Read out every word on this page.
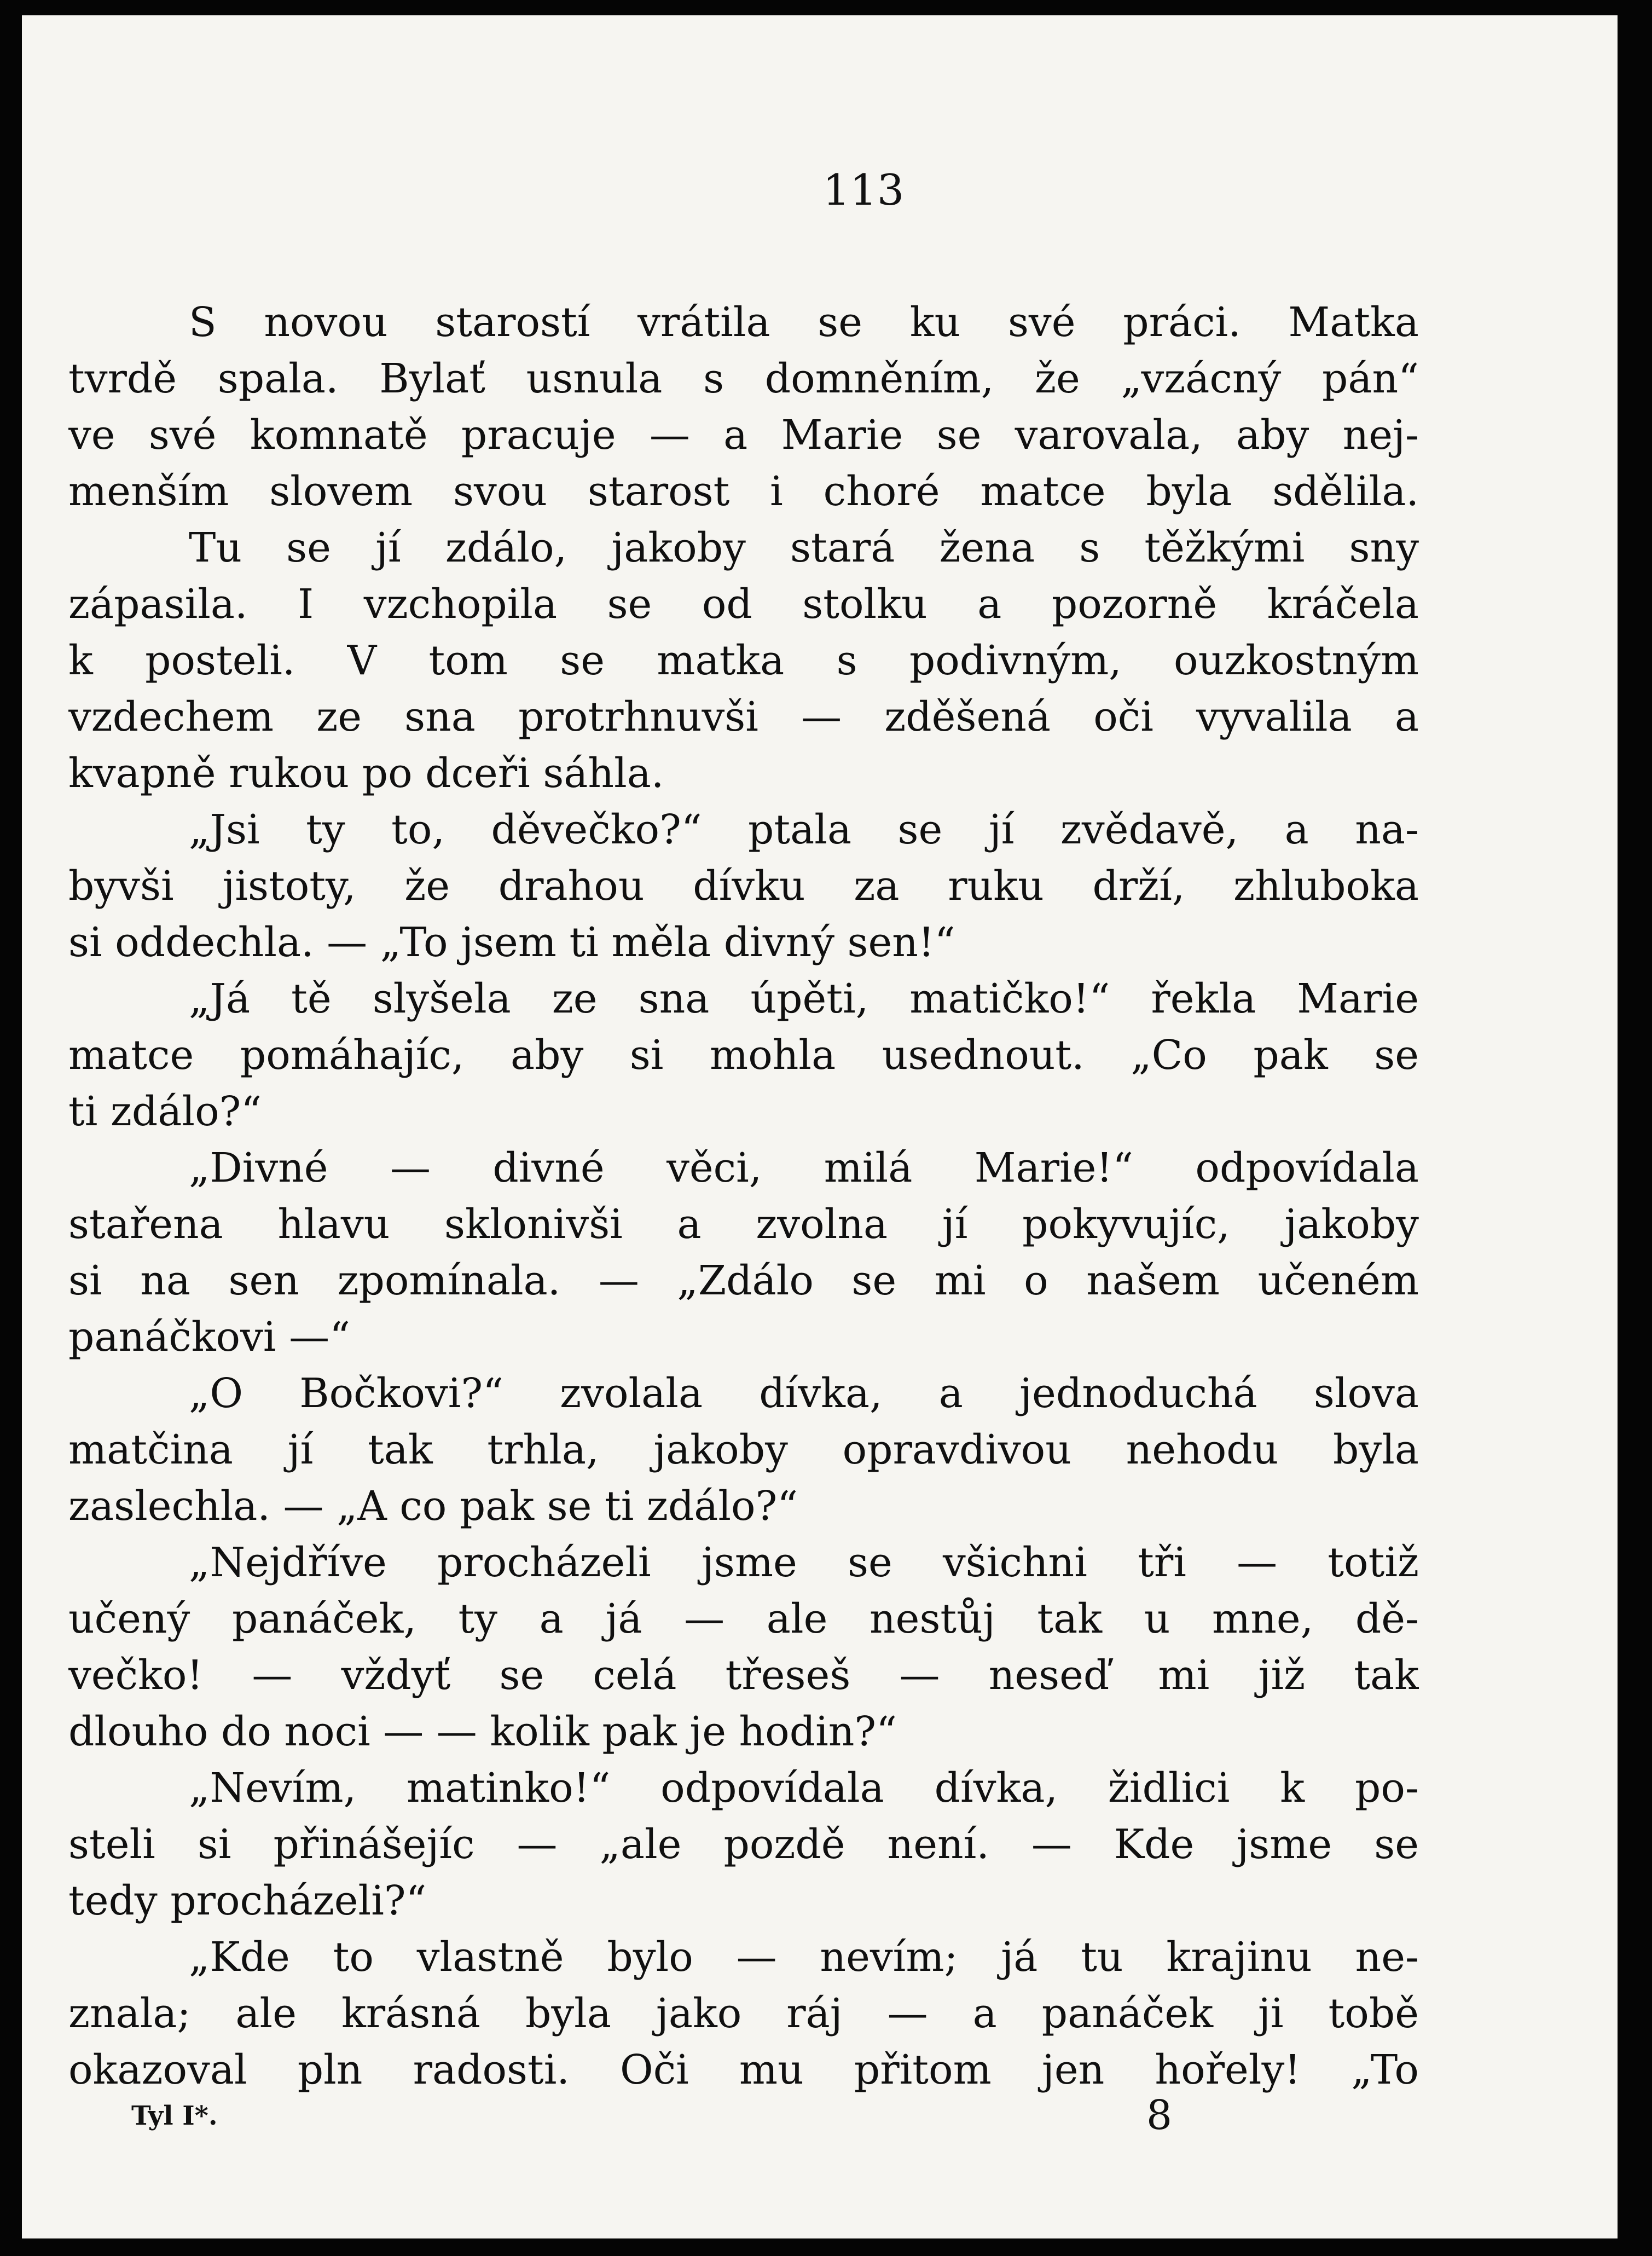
113
S novou starostí vrátila se ku své práci. Matka
tvrdě spala. Bylať usnula s domněním, že „vzácný pán“
ve své komnatě pracuje — a Marie se varovala, aby nej-
menším slovem svou starost i choré matce byla sdělila.
Tu se jí zdálo, jakoby stará žena s těžkými sny
zápasila. I vzchopila se od stolku a pozorně kráčela
k posteli. V tom se matka s podivným, ouzkostným
vzdechem ze sna protrhnuvši — zděšená oči vyvalila a
kvapně rukou po dceři sáhla.
„Jsi ty to, děvečko?“ ptala se jí zvědavě, a na-
byvši jistoty, že drahou dívku za ruku drží, zhluboka
si oddechla. — „To jsem ti měla divný sen!“
„Já tě slyšela ze sna úpěti, matičko!“ řekla Marie
matce pomáhajíc, aby si mohla usednout. „Co pak se
ti zdálo?“
„Divné — divné věci, milá Marie!“ odpovídala
stařena hlavu sklonivši a zvolna jí pokyvujíc, jakoby
si na sen zpomínala. — „Zdálo se mi o našem učeném
panáčkovi —“
„O Bočkovi?“ zvolala dívka, a jednoduchá slova
matčina jí tak trhla, jakoby opravdivou nehodu byla
zaslechla. — „A co pak se ti zdálo?“
„Nejdříve procházeli jsme se všichni tři — totiž
učený panáček, ty a já — ale nestůj tak u mne, dě-
večko! — vždyť se celá třeseš — neseď mi již tak
dlouho do noci — — kolik pak je hodin?“
„Nevím, matinko!“ odpovídala dívka, židlici k po-
steli si přinášejíc — „ale pozdě není. — Kde jsme se
tedy procházeli?“
„Kde to vlastně bylo — nevím; já tu krajinu ne-
znala; ale krásná byla jako ráj — a panáček ji tobě
okazoval pln radosti. Oči mu přitom jen hořely! „To
Tyl I*.	8
